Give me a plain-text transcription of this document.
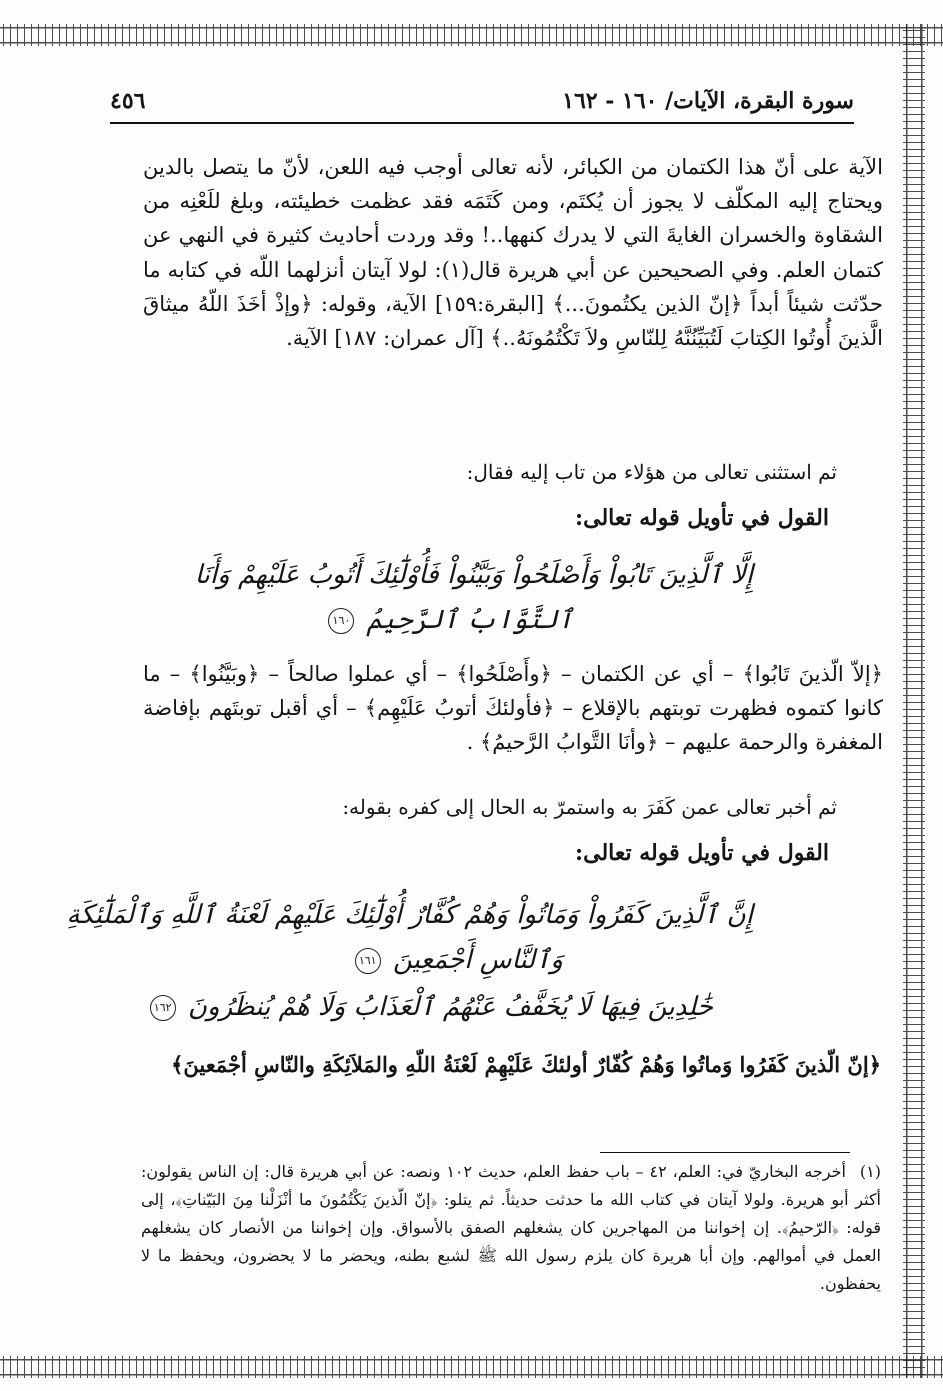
سورة البقرة، الآيات/ ١٦٠ - ١٦٢
٤٥٦
الآية على أنّ هذا الكتمان من الكبائر، لأنه تعالى أوجب فيه اللعن، لأنّ ما يتصل بالدين ويحتاج إليه المكلّف لا يجوز أن يُكتَم، ومن كَتَمَه فقد عظمت خطيئته، وبلغ للَعْنِه من الشقاوة والخسران الغايةَ التي لا يدرك كنهها..! وقد وردت أحاديث كثيرة في النهي عن كتمان العلم. وفي الصحيحين عن أبي هريرة قال(١): لولا آيتان أنزلهما اللّه في كتابه ما حدّثت شيئاً أبداً ﴿إنّ الذين يكتُمونَ...﴾ [البقرة:١٥٩] الآية، وقوله: ﴿وإذْ أخَذَ اللّهُ ميثاقَ الَّذينَ أُوتُوا الكِتابَ لَتُبَيِّنُنَّهُ لِلنّاسِ ولاَ تَكْتُمُونَهُ..﴾ [آل عمران: ١٨٧] الآية.
ثم استثنى تعالى من هؤلاء من تاب إليه فقال:
القول في تأويل قوله تعالى:
إِلَّا ٱلَّذِينَ تَابُواْ وَأَصْلَحُواْ وَبَيَّنُواْ فَأُوْلَٰٓئِكَ أَتُوبُ عَلَيْهِمْ وَأَنَا
ٱلتَّوَّابُ ٱلرَّحِيمُ ١٦٠
﴿إلاّ الّذينَ تَابُوا﴾ – أي عن الكتمان – ﴿وأَصْلَحُوا﴾ – أي عملوا صالحاً – ﴿وبَيَّنُوا﴾ – ما كانوا كتموه فظهرت توبتهم بالإقلاع – ﴿فأولئكَ أتوبُ عَلَيْهِم﴾ – أي أقبل توبتَهم بإفاضة المغفرة والرحمة عليهم – ﴿وأنَا التَّوابُ الرَّحيمُ﴾ .
ثم أخبر تعالى عمن كَفَرَ به واستمرّ به الحال إلى كفره بقوله:
القول في تأويل قوله تعالى:
إِنَّ ٱلَّذِينَ كَفَرُواْ وَمَاتُواْ وَهُمْ كُفَّارٌ أُوْلَٰٓئِكَ عَلَيْهِمْ لَعْنَةُ ٱللَّهِ وَٱلْمَلَٰٓئِكَةِ
وَٱلنَّاسِ أَجْمَعِينَ ١٦١
خَٰلِدِينَ فِيهَا لَا يُخَفَّفُ عَنْهُمُ ٱلْعَذَابُ وَلَا هُمْ يُنظَرُونَ ١٦٢
﴿إنّ الّذينَ كَفَرُوا وَماتُوا وَهُمْ كُفّارٌ أولئكَ عَلَيْهِمْ لَعْنَةُ اللّهِ والمَلاَئِكَةِ والنّاسِ أجْمَعينَ﴾
(١) أخرجه البخاريّ في: العلم، ٤٢ – باب حفظ العلم، حديث ١٠٢ ونصه: عن أبي هريرة قال: إن الناس يقولون: أكثر أبو هريرة. ولولا آيتان في كتاب الله ما حدثت حديثاً. ثم يتلو: ﴿إنّ الّذينَ يَكْتُمُونَ ما أنْزَلْنا مِنَ البَيّناتِ﴾، إلى قوله: ﴿الرّحيمُ﴾. إن إخواننا من المهاجرين كان يشغلهم الصفق بالأسواق. وإن إخواننا من الأنصار كان يشغلهم العمل في أموالهم. وإن أبا هريرة كان يلزم رسول الله ﷺ لشبع بطنه، ويحضر ما لا يحضرون، ويحفظ ما لا يحفظون.
